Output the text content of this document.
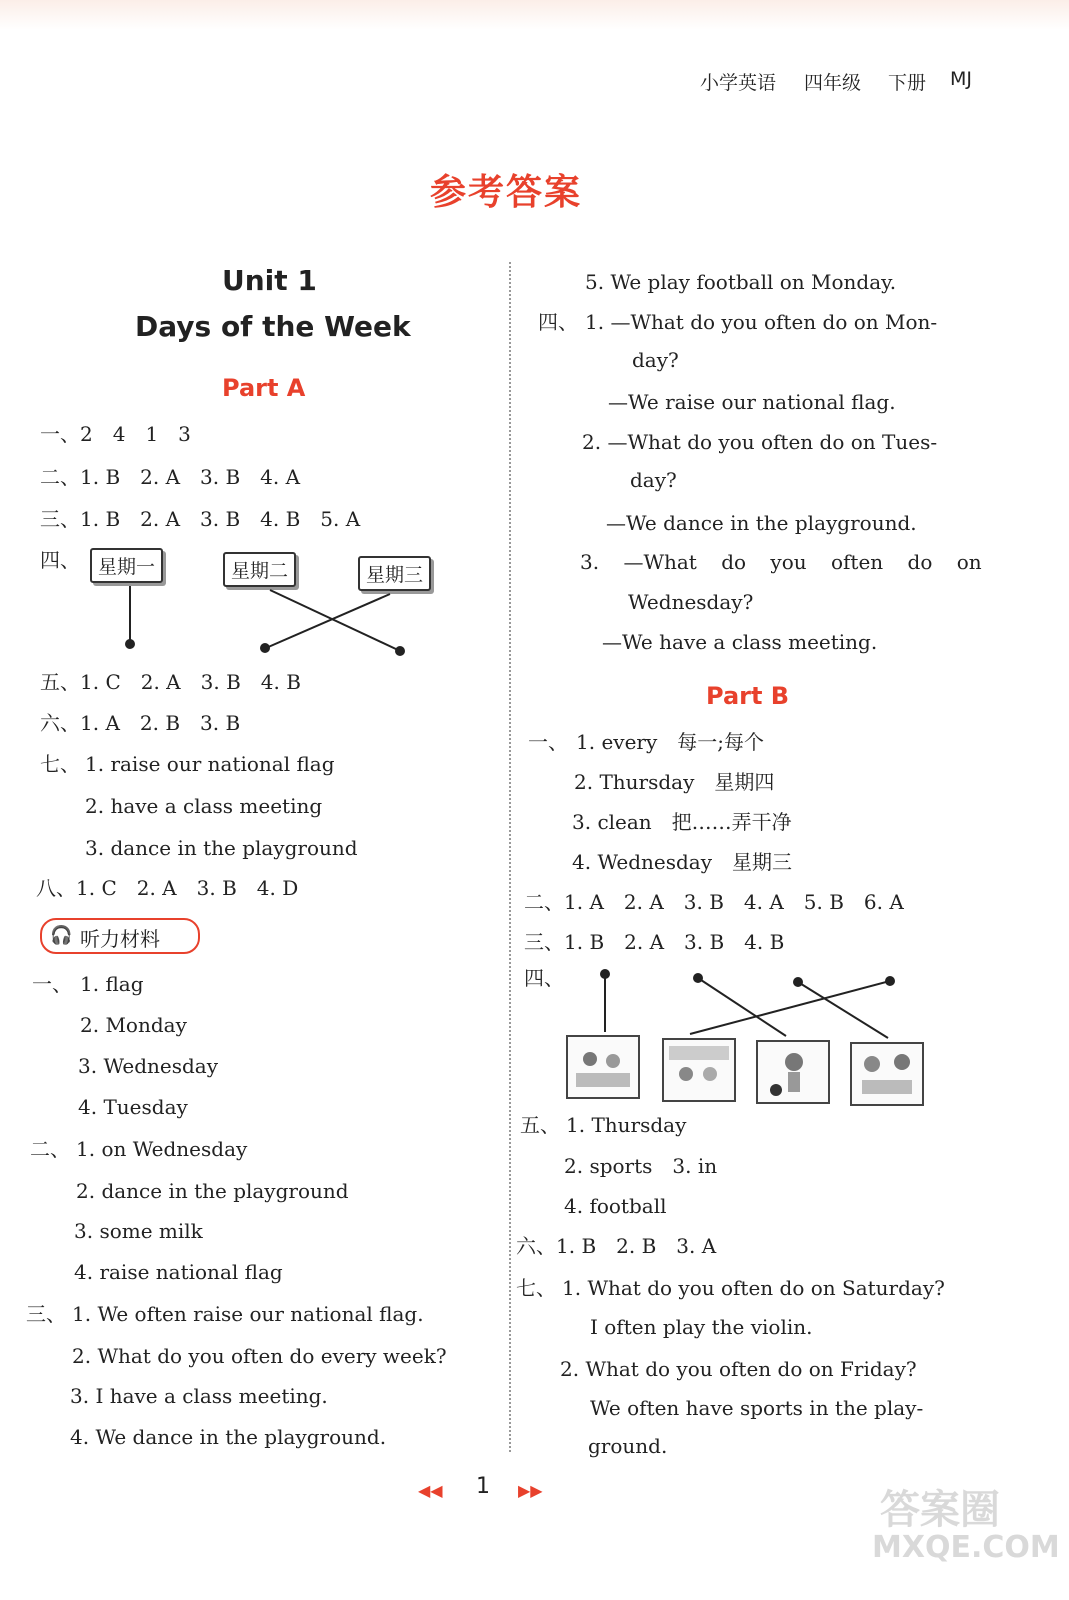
小学英语 四年级 下册 MJ
参考答案
Unit 1
Days of the Week
Part A
一、2　4　1　3
二、1. B　2. A　3. B　4. A
三、1. B　2. A　3. B　4. B　5. A
四、 星期一	星期二	星期三
五、1. C　2. A　3. B　4. B
六、1. A　2. B　3. B
七、 1. raise our national flag
2. have a class meeting
3. dance in the playground
八、1. C　2. A　3. B　4. D
🎧 听力材料
一、 1. flag
2. Monday
3. Wednesday
4. Tuesday
二、 1. on Wednesday
2. dance in the playground
3. some milk
4. raise national flag
三、 1. We often raise our national flag.
2. What do you often do every week?
3. I have a class meeting.
4. We dance in the playground.
5. We play football on Monday.
四、 1. —What do you often do on Mon-
day?
—We raise our national flag.
2. —What do you often do on Tues-
day?
—We dance in the playground.
3. —What do you often do on
Wednesday?
—We have a class meeting.
Part B
一、 1. every　每一;每个
2. Thursday　星期四
3. clean　把……弄干净
4. Wednesday　星期三
二、1. A　2. A　3. B　4. A　5. B　6. A
三、1. B　2. A　3. B　4. B
四、
五、 1. Thursday
2. sports　3. in
4. football
六、1. B　2. B　3. A
七、 1. What do you often do on Saturday?
I often play the violin.
2. What do you often do on Friday?
We often have sports in the play-
ground.
◀◀ 1 ▶▶	答案圈
MXQE.COM
